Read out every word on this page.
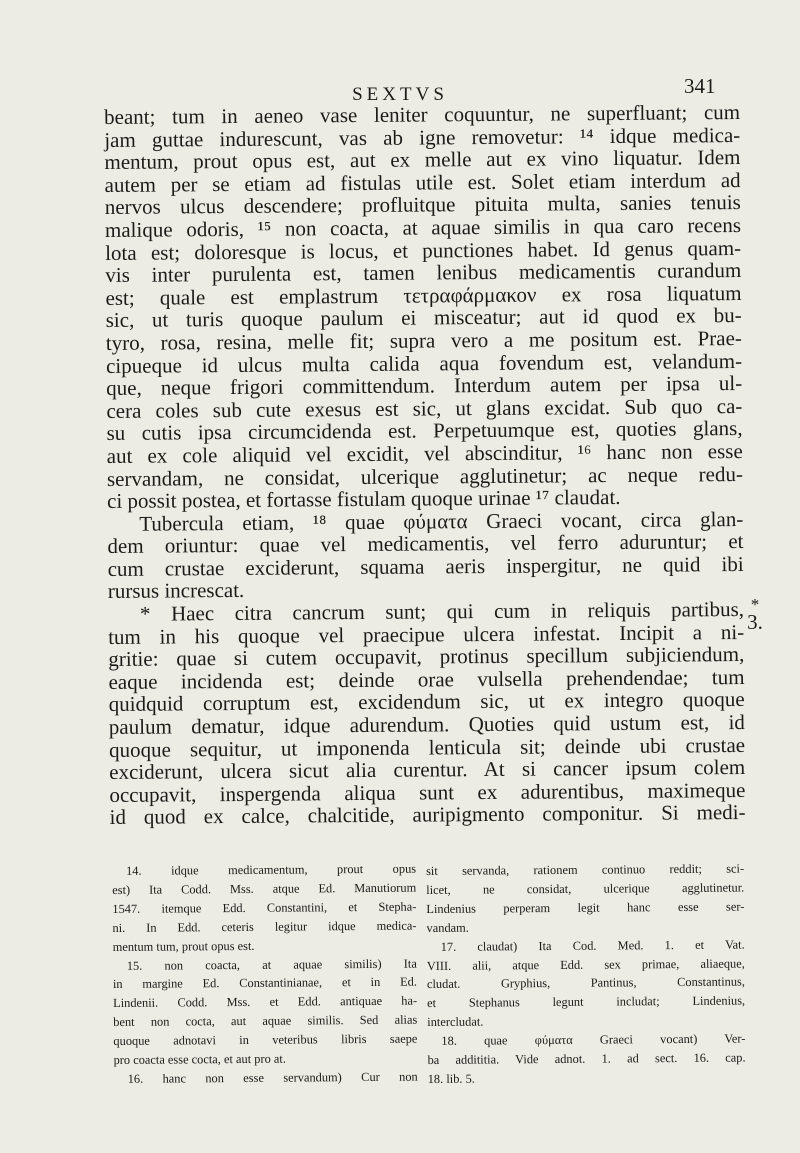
SEXTVS	341
beant; tum in aeneo vase leniter coquuntur, ne superfluant; cum
jam guttae indurescunt, vas ab igne removetur: ¹⁴ idque medica-
mentum, prout opus est, aut ex melle aut ex vino liquatur. Idem
autem per se etiam ad fistulas utile est. Solet etiam interdum ad
nervos ulcus descendere; profluitque pituita multa, sanies tenuis
malique odoris, ¹⁵ non coacta, at aquae similis in qua caro recens
lota est; doloresque is locus, et punctiones habet. Id genus quam-
vis inter purulenta est, tamen lenibus medicamentis curandum
est; quale est emplastrum τετραφάρμακον ex rosa liquatum
sic, ut turis quoque paulum ei misceatur; aut id quod ex bu-
tyro, rosa, resina, melle fit; supra vero a me positum est. Prae-
cipueque id ulcus multa calida aqua fovendum est, velandum-
que, neque frigori committendum. Interdum autem per ipsa ul-
cera coles sub cute exesus est sic, ut glans excidat. Sub quo ca-
su cutis ipsa circumcidenda est. Perpetuumque est, quoties glans,
aut ex cole aliquid vel excidit, vel abscinditur, ¹⁶ hanc non esse
servandam, ne considat, ulcerique agglutinetur; ac neque redu-
ci possit postea, et fortasse fistulam quoque urinae ¹⁷ claudat.
Tubercula etiam, ¹⁸ quae φύματα Graeci vocant, circa glan-
dem oriuntur: quae vel medicamentis, vel ferro aduruntur; et
cum crustae exciderunt, squama aeris inspergitur, ne quid ibi
rursus increscat.
* Haec citra cancrum sunt; qui cum in reliquis partibus,
tum in his quoque vel praecipue ulcera infestat. Incipit a ni-
gritie: quae si cutem occupavit, protinus specillum subjiciendum,
eaque incidenda est; deinde orae vulsella prehendendae; tum
quidquid corruptum est, excidendum sic, ut ex integro quoque
paulum dematur, idque adurendum. Quoties quid ustum est, id
quoque sequitur, ut imponenda lenticula sit; deinde ubi crustae
exciderunt, ulcera sicut alia curentur. At si cancer ipsum colem
occupavit, inspergenda aliqua sunt ex adurentibus, maximeque
id quod ex calce, chalcitide, auripigmento componitur. Si medi-
*
3.
14. idque medicamentum, prout opus
est) Ita Codd. Mss. atque Ed. Manutiorum
1547. itemque Edd. Constantini, et Stepha-
ni. In Edd. ceteris legitur idque medica-
mentum tum, prout opus est.
15. non coacta, at aquae similis) Ita
in margine Ed. Constantinianae, et in Ed.
Lindenii. Codd. Mss. et Edd. antiquae ha-
bent non cocta, aut aquae similis. Sed alias
quoque adnotavi in veteribus libris saepe
pro coacta esse cocta, et aut pro at.
16. hanc non esse servandum) Cur non
sit servanda, rationem continuo reddit; sci-
licet, ne considat, ulcerique agglutinetur.
Lindenius perperam legit hanc esse ser-
vandam.
17. claudat) Ita Cod. Med. 1. et Vat.
VIII. alii, atque Edd. sex primae, aliaeque,
cludat. Gryphius, Pantinus, Constantinus,
et Stephanus legunt includat; Lindenius,
intercludat.
18. quae φύματα Graeci vocant) Ver-
ba addititia. Vide adnot. 1. ad sect. 16. cap.
18. lib. 5.
